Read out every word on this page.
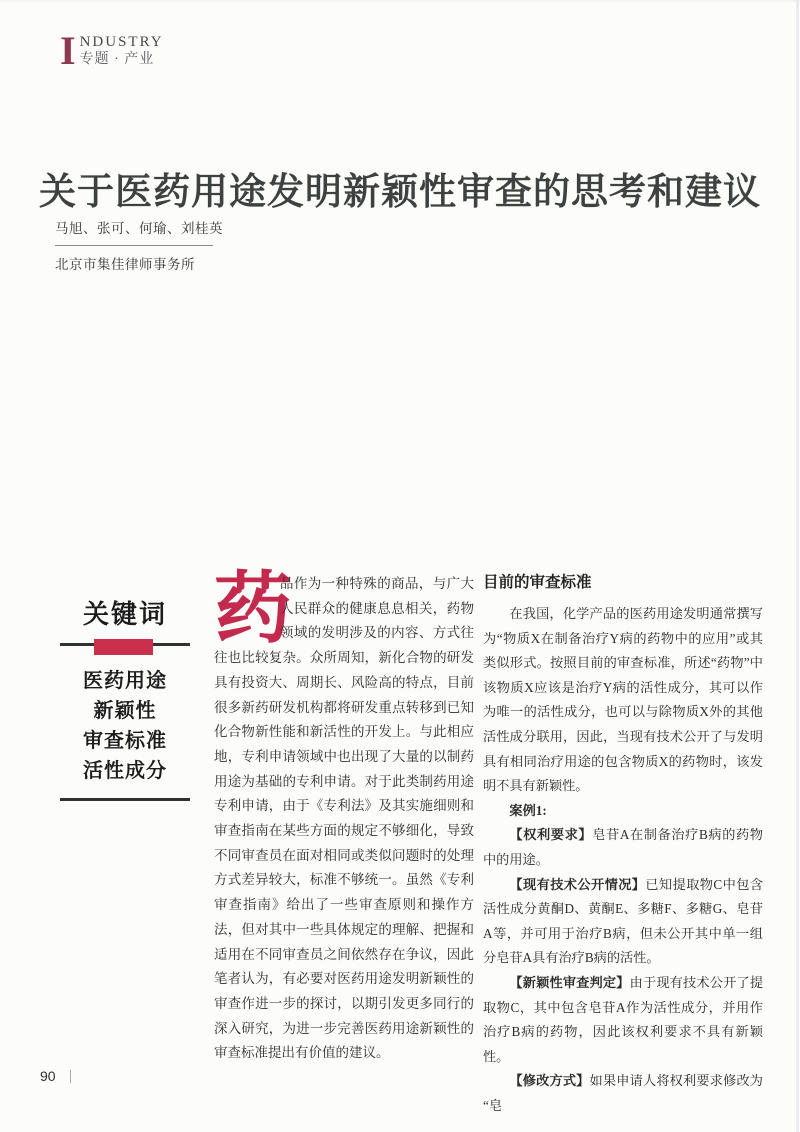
I NDUSTRY
专题 · 产业
关于医药用途发明新颖性审查的思考和建议
马旭、张可、何瑜、刘桂英
北京市集佳律师事务所
关键词
医药用途
新颖性
审查标准
活性成分
药
品作为一种特殊的商品，与广大人民群众的健康息息相关，药物领域的发明涉及的内容、方式往往也比较复杂。众所周知，新化合物的研发具有投资大、周期长、风险高的特点，目前很多新药研发机构都将研发重点转移到已知化合物新性能和新活性的开发上。与此相应地，专利申请领域中也出现了大量的以制药用途为基础的专利申请。对于此类制药用途专利申请，由于《专利法》及其实施细则和审查指南在某些方面的规定不够细化，导致不同审查员在面对相同或类似问题时的处理方式差异较大，标准不够统一。虽然《专利审查指南》给出了一些审查原则和操作方法，但对其中一些具体规定的理解、把握和适用在不同审查员之间依然存在争议，因此笔者认为，有必要对医药用途发明新颖性的审查作进一步的探讨，以期引发更多同行的深入研究，为进一步完善医药用途新颖性的审查标准提出有价值的建议。
目前的审查标准

在我国，化学产品的医药用途发明通常撰写为“物质X在制备治疗Y病的药物中的应用”或其类似形式。按照目前的审查标准，所述“药物”中该物质X应该是治疗Y病的活性成分，其可以作为唯一的活性成分，也可以与除物质X外的其他活性成分联用，因此，当现有技术公开了与发明具有相同治疗用途的包含物质X的药物时，该发明不具有新颖性。

案例1:

【权利要求】皂苷A在制备治疗B病的药物中的用途。

【现有技术公开情况】已知提取物C中包含活性成分黄酮D、黄酮E、多糖F、多糖G、皂苷A等，并可用于治疗B病，但未公开其中单一组分皂苷A具有治疗B病的活性。

【新颖性审查判定】由于现有技术公开了提取物C，其中包含皂苷A作为活性成分，并用作治疗B病的药物，因此该权利要求不具有新颖性。

【修改方式】如果申请人将权利要求修改为“皂

90
